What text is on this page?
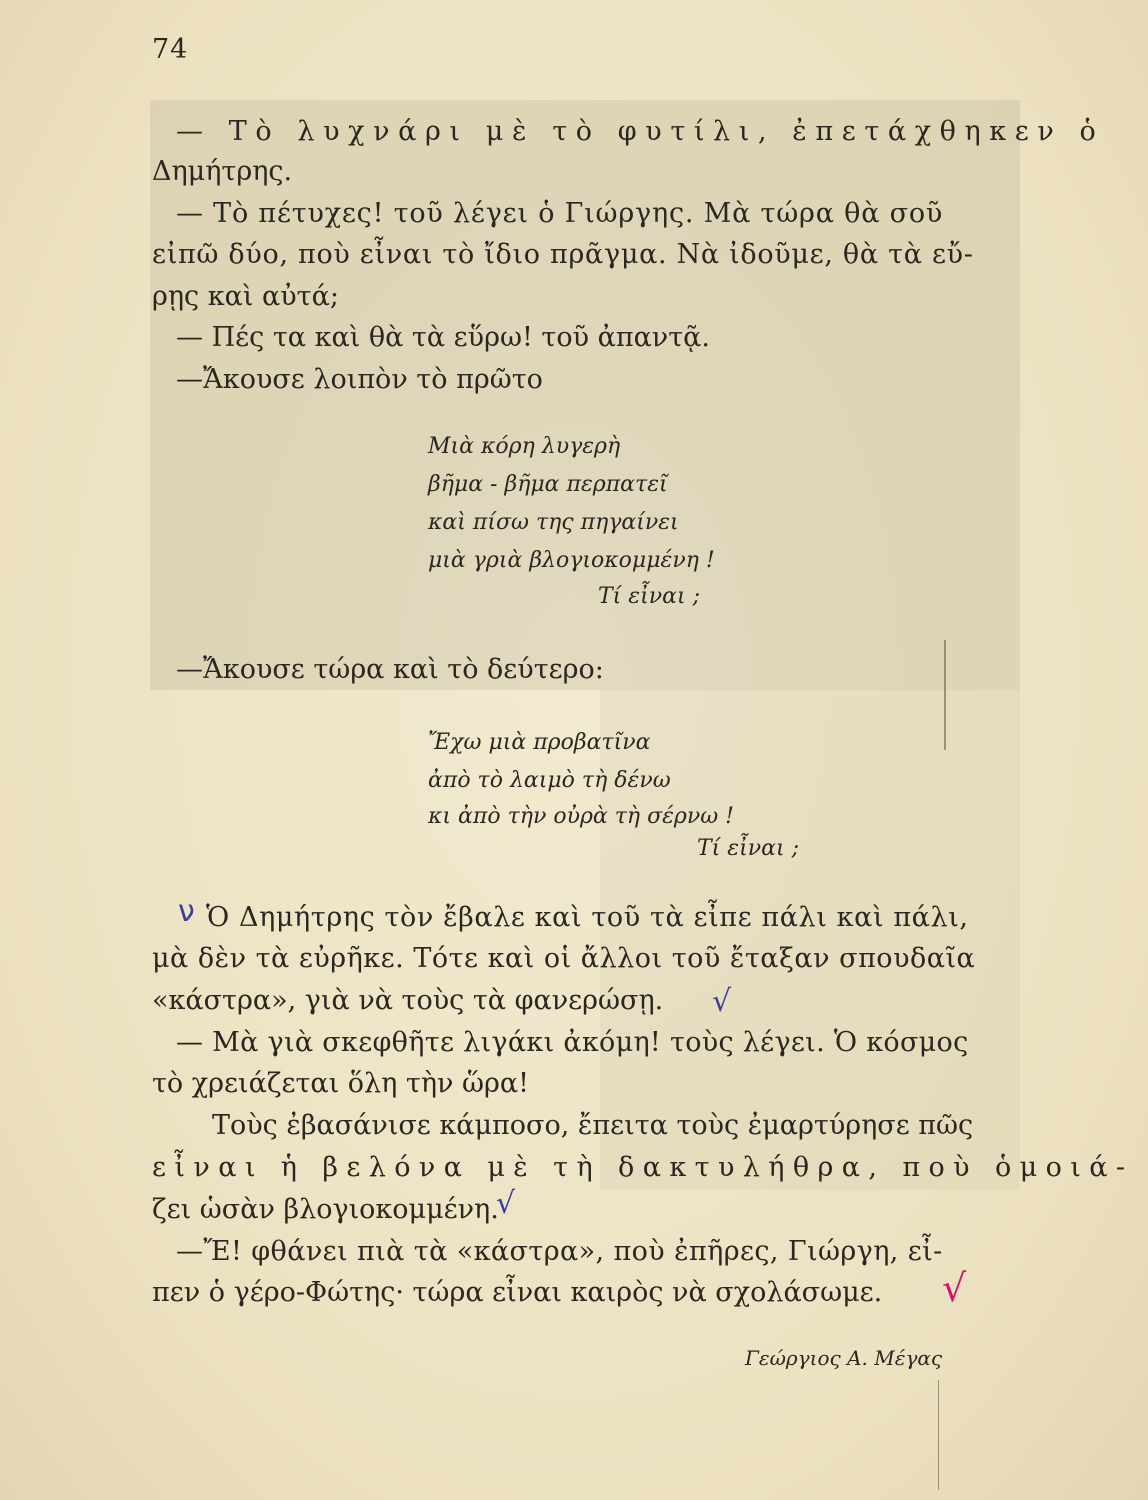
74
— Τὸ λυχνάρι μὲ τὸ φυτίλι, ἐπετάχθηκεν ὁ
Δημήτρης.
— Τὸ πέτυχες! τοῦ λέγει ὁ Γιώργης. Μὰ τώρα θὰ σοῦ
εἰπῶ δύο, ποὺ εἶναι τὸ ἴδιο πρᾶγμα. Νὰ ἰδοῦμε, θὰ τὰ εὔ-
ρῃς καὶ αὐτά;
— Πές τα καὶ θὰ τὰ εὕρω! τοῦ ἀπαντᾷ.
—Ἄκουσε λοιπὸν τὸ πρῶτο
Μιὰ κόρη λυγερὴ
βῆμα - βῆμα περπατεῖ
καὶ πίσω της πηγαίνει
μιὰ γριὰ βλογιοκομμένη !
Τί εἶναι ;
—Ἄκουσε τώρα καὶ τὸ δεύτερο:
Ἔχω μιὰ προβατῖνα
ἀπὸ τὸ λαιμὸ τὴ δένω
κι ἀπὸ τὴν οὐρὰ τὴ σέρνω !
Τί εἶναι ;
Ὁ Δημήτρης τὸν ἔβαλε καὶ τοῦ τὰ εἶπε πάλι καὶ πάλι,
μὰ δὲν τὰ εὐρῆκε. Τότε καὶ οἱ ἄλλοι τοῦ ἔταξαν σπουδαῖα
«κάστρα», γιὰ νὰ τοὺς τὰ φανερώσῃ.
— Μὰ γιὰ σκεφθῆτε λιγάκι ἀκόμη! τοὺς λέγει. Ὁ κόσμος
τὸ χρειάζεται ὅλη τὴν ὥρα!
Τοὺς ἐβασάνισε κάμποσο, ἔπειτα τοὺς ἐμαρτύρησε πῶς
εἶναι ἡ βελόνα μὲ τὴ δακτυλήθρα, ποὺ ὁμοιά-
ζει ὡσὰν βλογιοκομμένη.
—Ἔ! φθάνει πιὰ τὰ «κάστρα», ποὺ ἐπῆρες, Γιώργη, εἶ-
πεν ὁ γέρο-Φώτης· τώρα εἶναι καιρὸς νὰ σχολάσωμε.
Γεώργιος Α. Μέγας
ν
√
√
√
